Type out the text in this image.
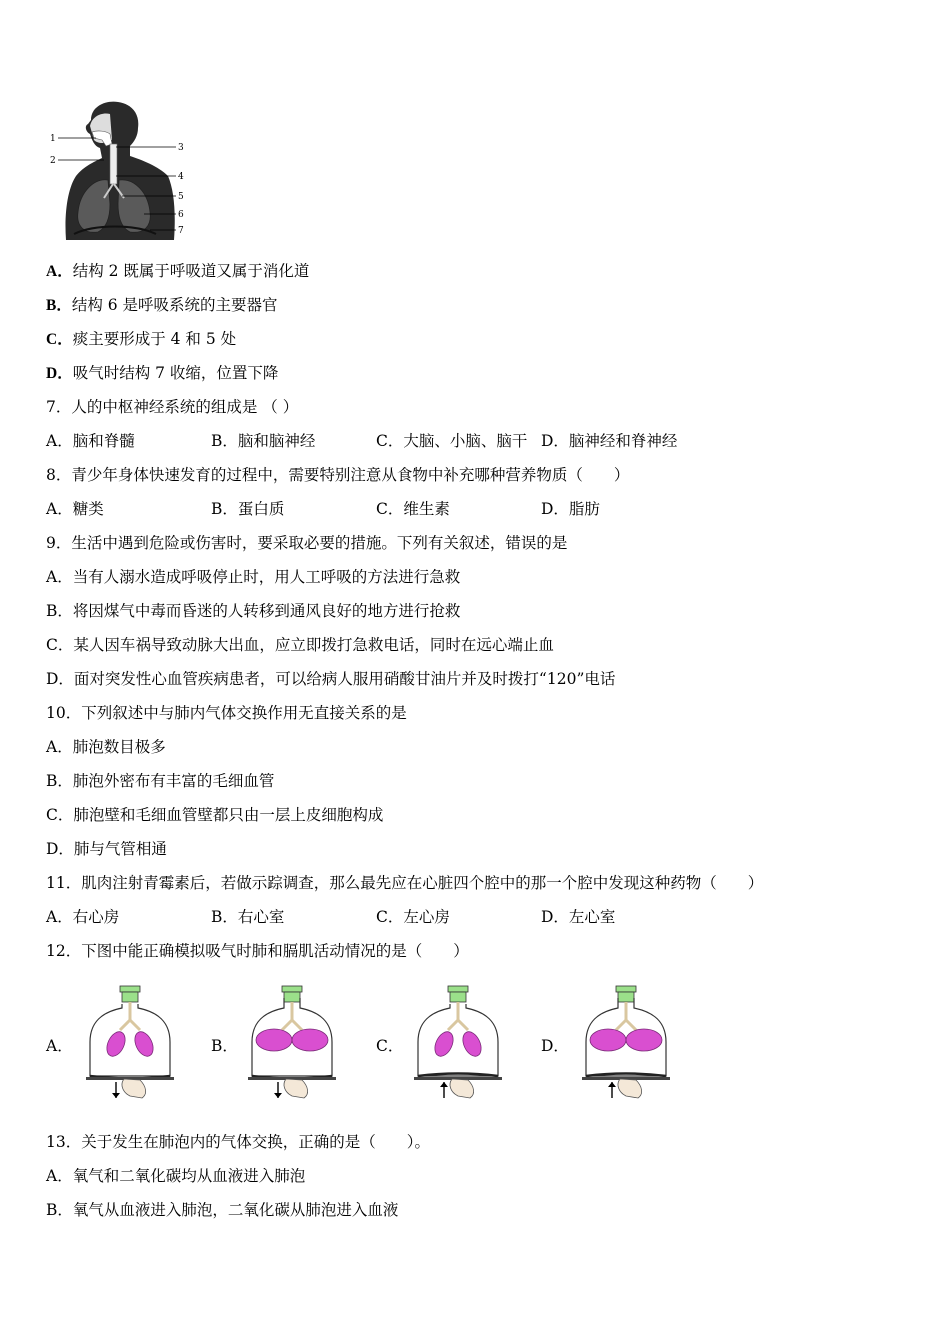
1
2
3
4
5
6
7
A．结构 2 既属于呼吸道又属于消化道
B．结构 6 是呼吸系统的主要器官
C．痰主要形成于 4 和 5 处
D．吸气时结构 7 收缩，位置下降
7．人的中枢神经系统的组成是 （ ）
A．脑和脊髓	B．脑和脑神经	C．大脑、小脑、脑干 D．脑神经和脊神经
8．青少年身体快速发育的过程中，需要特别注意从食物中补充哪种营养物质（　　）
A．糖类	B．蛋白质	C．维生素	D．脂肪
9．生活中遇到危险或伤害时，要采取必要的措施。下列有关叙述，错误的是
A．当有人溺水造成呼吸停止时，用人工呼吸的方法进行急救
B．将因煤气中毒而昏迷的人转移到通风良好的地方进行抢救
C．某人因车祸导致动脉大出血，应立即拨打急救电话，同时在远心端止血
D．面对突发性心血管疾病患者，可以给病人服用硝酸甘油片并及时拨打“120”电话
10．下列叙述中与肺内气体交换作用无直接关系的是
A．肺泡数目极多
B．肺泡外密布有丰富的毛细血管
C．肺泡壁和毛细血管壁都只由一层上皮细胞构成
D．肺与气管相通
11．肌肉注射青霉素后，若做示踪调查，那么最先应在心脏四个腔中的那一个腔中发现这种药物（　　）
A．右心房	B．右心室	C．左心房	D．左心室
12．下图中能正确模拟吸气时肺和膈肌活动情况的是（　　）
A．	B．	C．	D．
13．关于发生在肺泡内的气体交换，正确的是（　　）。
A．氧气和二氧化碳均从血液进入肺泡
B．氧气从血液进入肺泡，二氧化碳从肺泡进入血液
